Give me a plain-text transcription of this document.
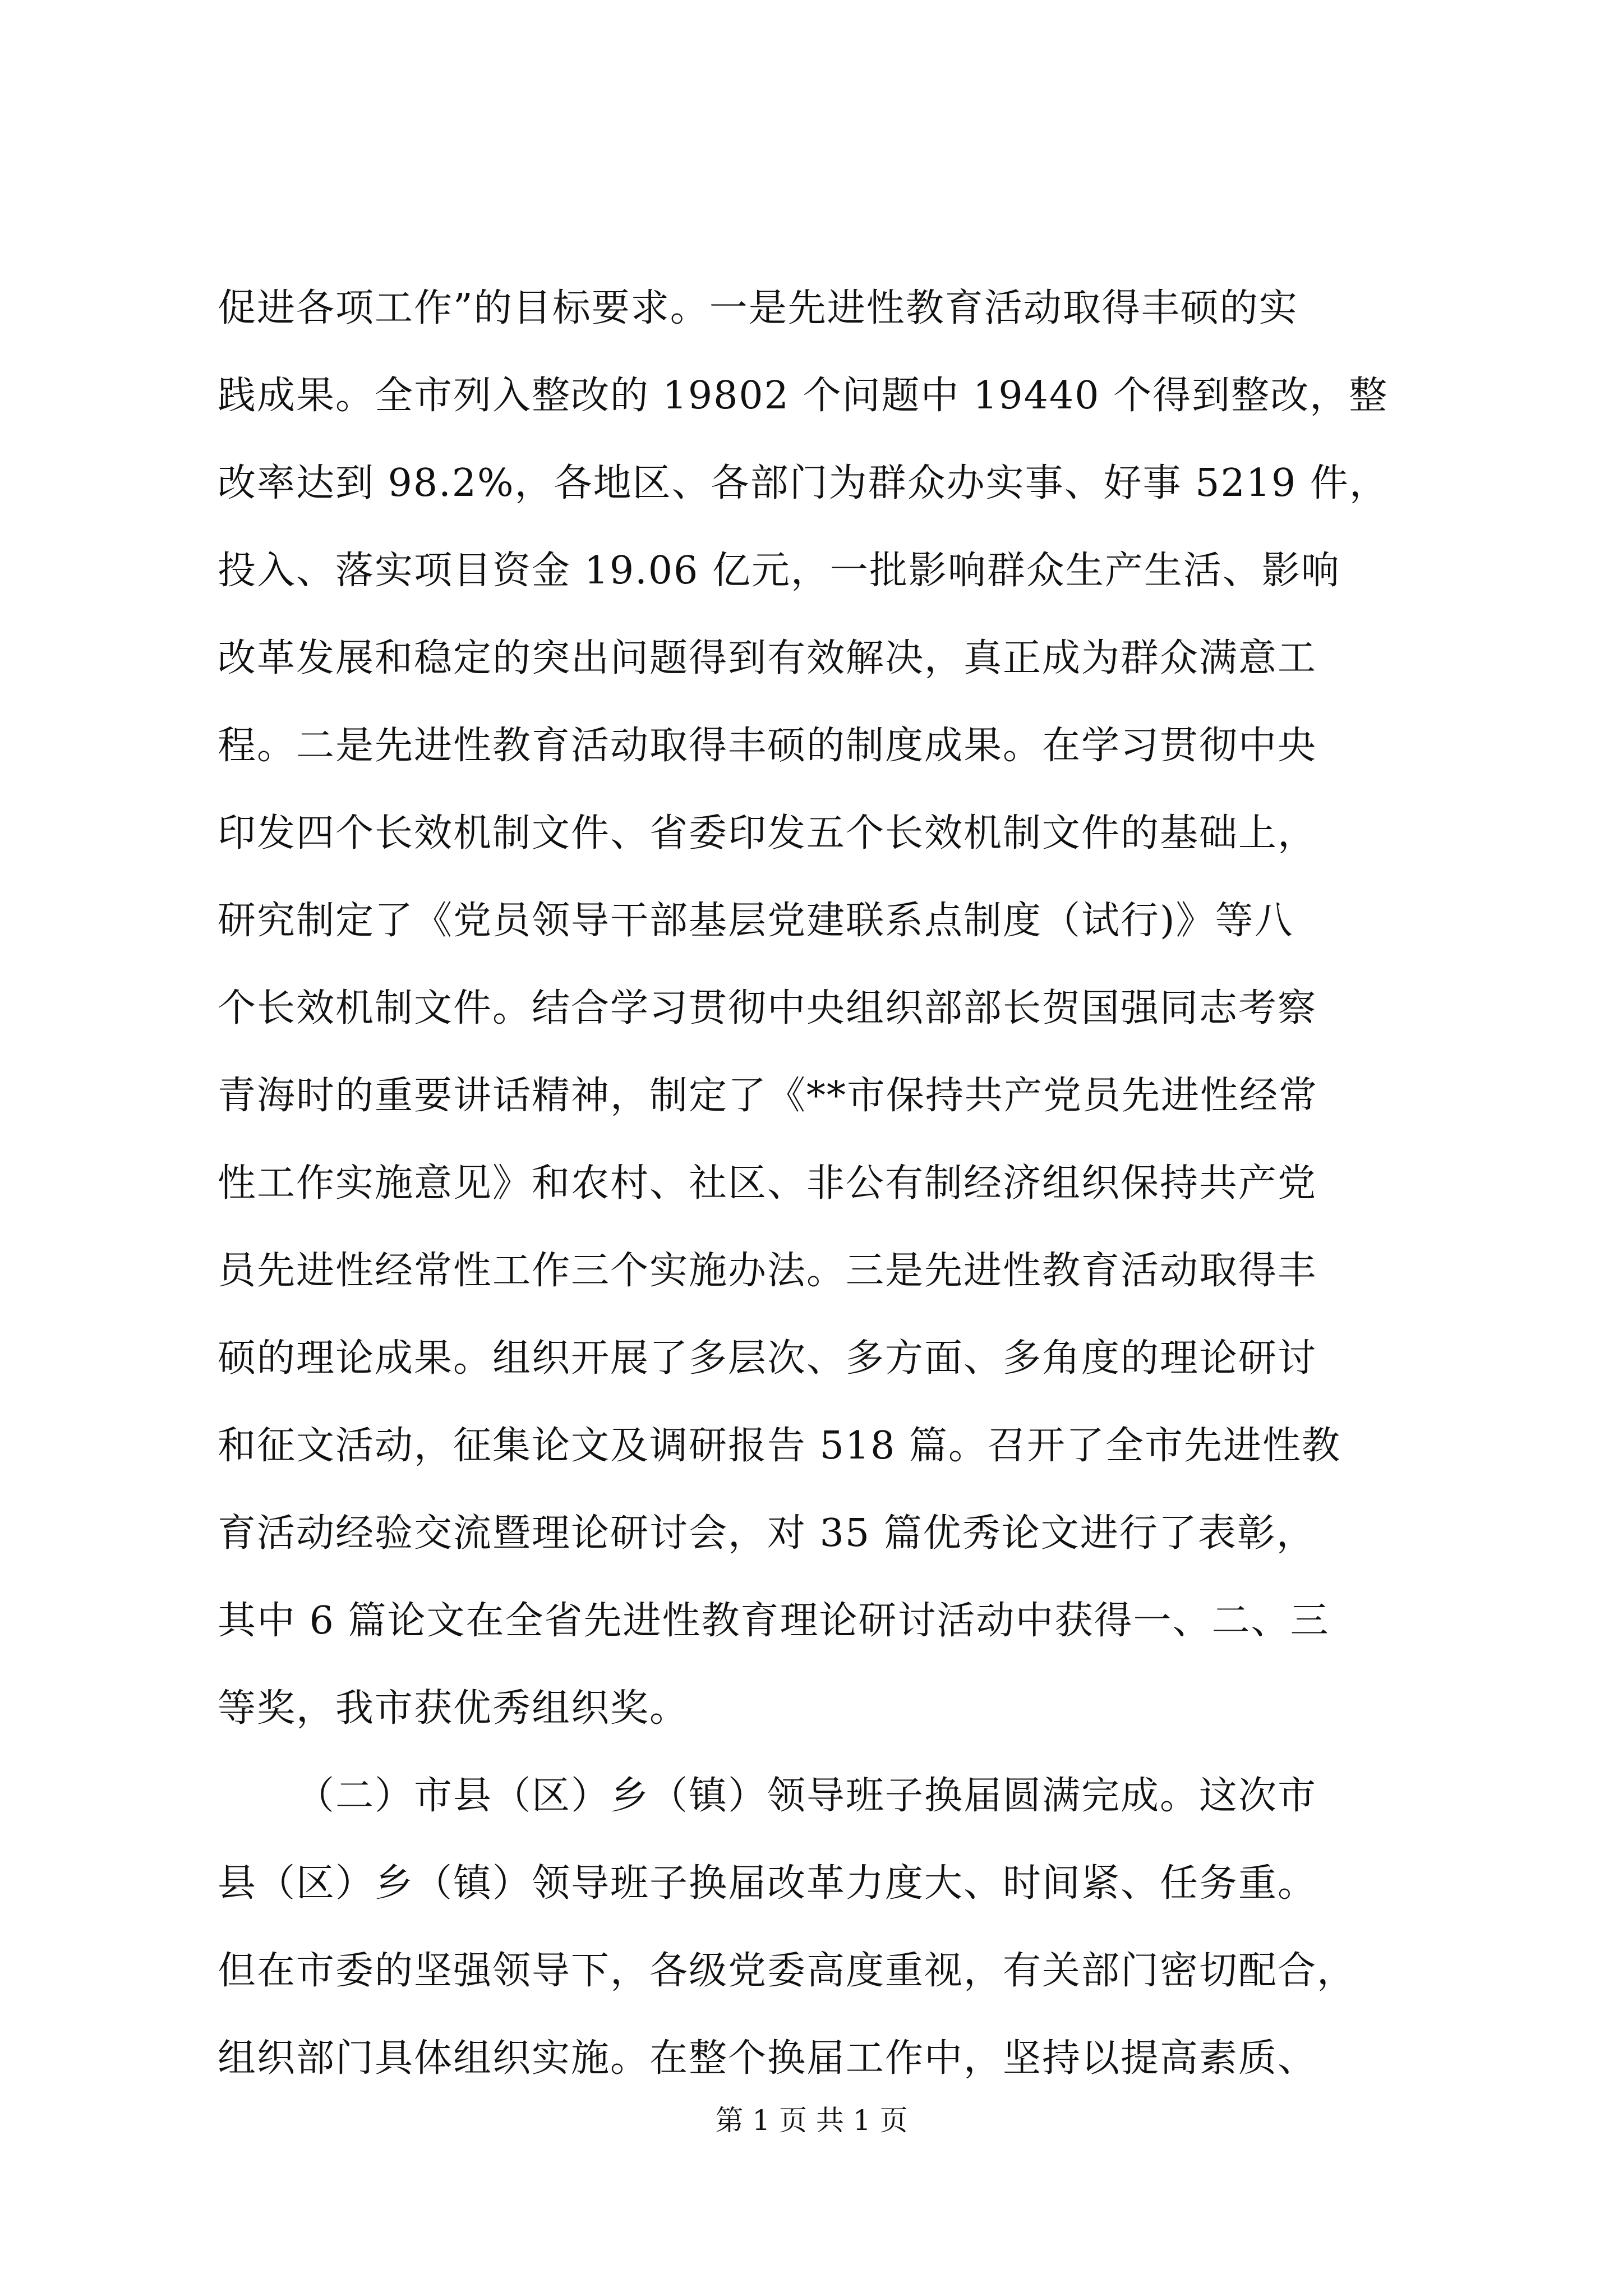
促进各项工作”的目标要求。一是先进性教育活动取得丰硕的实
践成果。全市列入整改的 19802 个问题中 19440 个得到整改，整
改率达到 98.2%，各地区、各部门为群众办实事、好事 5219 件，
投入、落实项目资金 19.06 亿元，一批影响群众生产生活、影响
改革发展和稳定的突出问题得到有效解决，真正成为群众满意工
程。二是先进性教育活动取得丰硕的制度成果。在学习贯彻中央
印发四个长效机制文件、省委印发五个长效机制文件的基础上，
研究制定了《党员领导干部基层党建联系点制度（试行)》等八
个长效机制文件。结合学习贯彻中央组织部部长贺国强同志考察
青海时的重要讲话精神，制定了《**市保持共产党员先进性经常
性工作实施意见》和农村、社区、非公有制经济组织保持共产党
员先进性经常性工作三个实施办法。三是先进性教育活动取得丰
硕的理论成果。组织开展了多层次、多方面、多角度的理论研讨
和征文活动，征集论文及调研报告 518 篇。召开了全市先进性教
育活动经验交流暨理论研讨会，对 35 篇优秀论文进行了表彰，
其中 6 篇论文在全省先进性教育理论研讨活动中获得一、二、三
等奖，我市获优秀组织奖。
（二）市县（区）乡（镇）领导班子换届圆满完成。这次市
县（区）乡（镇）领导班子换届改革力度大、时间紧、任务重。
但在市委的坚强领导下，各级党委高度重视，有关部门密切配合，
组织部门具体组织实施。在整个换届工作中，坚持以提高素质、
第 1 页 共 1 页
